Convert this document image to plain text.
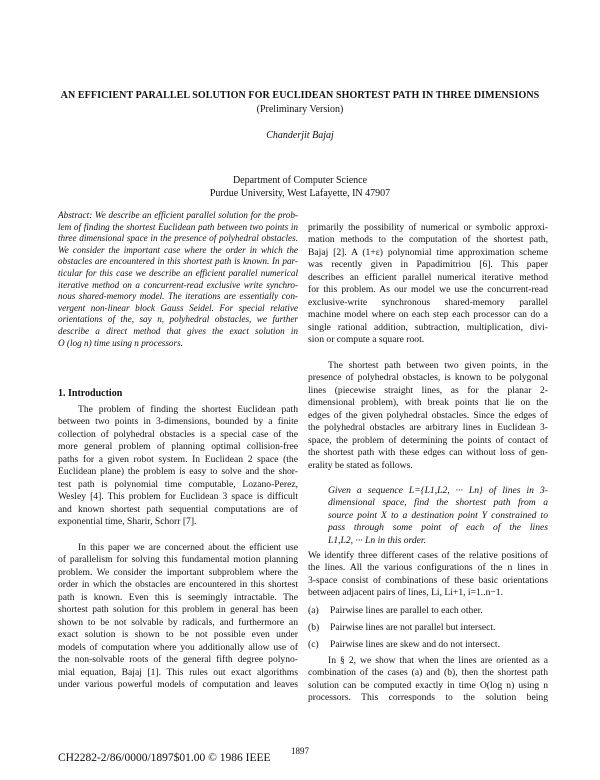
AN EFFICIENT PARALLEL SOLUTION FOR EUCLIDEAN SHORTEST PATH IN THREE DIMENSIONS
(Preliminary Version)
Chanderjit Bajaj
Department of Computer Science
Purdue University, West Lafayette, IN 47907
Abstract: We describe an efficient parallel solution for the prob-
lem of finding the shortest Euclidean path between two points in
three dimensional space in the presence of polyhedral obstacles.
We consider the important case where the order in which the
obstacles are encountered in this shortest path is known. In par-
ticular for this case we describe an efficient parallel numerical
iterative method on a concurrent-read exclusive write synchro-
nous shared-memory model. The iterations are essentially con-
vergent non-linear block Gauss Seidel. For special relative
orientations of the, say n, polyhedral obstacles, we further
describe a direct method that gives the exact solution in
O (log n) time using n processors.
1. Introduction
The problem of finding the shortest Euclidean path
between two points in 3-dimensions, bounded by a finite
collection of polyhedral obstacles is a special case of the
more general problem of planning optimal collision-free
paths for a given robot system. In Euclidean 2 space (the
Euclidean plane) the problem is easy to solve and the shor-
test path is polynomial time computable, Lozano-Perez,
Wesley [4]. This problem for Euclidean 3 space is difficult
and known shortest path sequential computations are of
exponential time, Sharir, Schorr [7].
In this paper we are concerned about the efficient use
of parallelism for solving this fundamental motion planning
problem. We consider the important subproblem where the
order in which the obstacles are encountered in this shortest
path is known. Even this is seemingly intractable. The
shortest path solution for this problem in general has been
shown to be not solvable by radicals, and furthermore an
exact solution is shown to be not possible even under
models of computation where you additionally allow use of
the non-solvable roots of the general fifth degree polyno-
mial equation, Bajaj [1]. This rules out exact algorithms
under various powerful models of computation and leaves
primarily the possibility of numerical or symbolic approxi-
mation methods to the computation of the shortest path,
Bajaj [2]. A (1+ε) polynomial time approximation scheme
was recently given in Papadimitriou [6]. This paper
describes an efficient parallel numerical iterative method
for this problem. As our model we use the concurrent-read
exclusive-write synchronous shared-memory parallel
machine model where on each step each processor can do a
single rational addition, subtraction, multiplication, divi-
sion or compute a square root.
The shortest path between two given points, in the
presence of polyhedral obstacles, is known to be polygonal
lines (piecewise straight lines, as for the planar 2-
dimensional problem), with break points that lie on the
edges of the given polyhedral obstacles. Since the edges of
the polyhedral obstacles are arbitrary lines in Euclidean 3-
space, the problem of determining the points of contact of
the shortest path with these edges can without loss of gen-
erality be stated as follows.
Given a sequence L={L1,L2, ··· Ln} of lines in 3-
dimensional space, find the shortest path from a
source point X to a destination point Y constrained to
pass through some point of each of the lines
L1,L2, ··· Ln in this order.
We identify three different cases of the relative positions of
the lines. All the various configurations of the n lines in
3-space consist of combinations of these basic orientations
between adjacent pairs of lines, Li, Li+1, i=1..n−1.
(a) Pairwise lines are parallel to each other.
(b) Pairwise lines are not parallel but intersect.
(c) Pairwise lines are skew and do not intersect.
In § 2, we show that when the lines are oriented as a
combination of the cases (a) and (b), then the shortest path
solution can be computed exactly in time O(log n) using n
processors. This corresponds to the solution being
1897
CH2282-2/86/0000/1897$01.00 © 1986 IEEE
